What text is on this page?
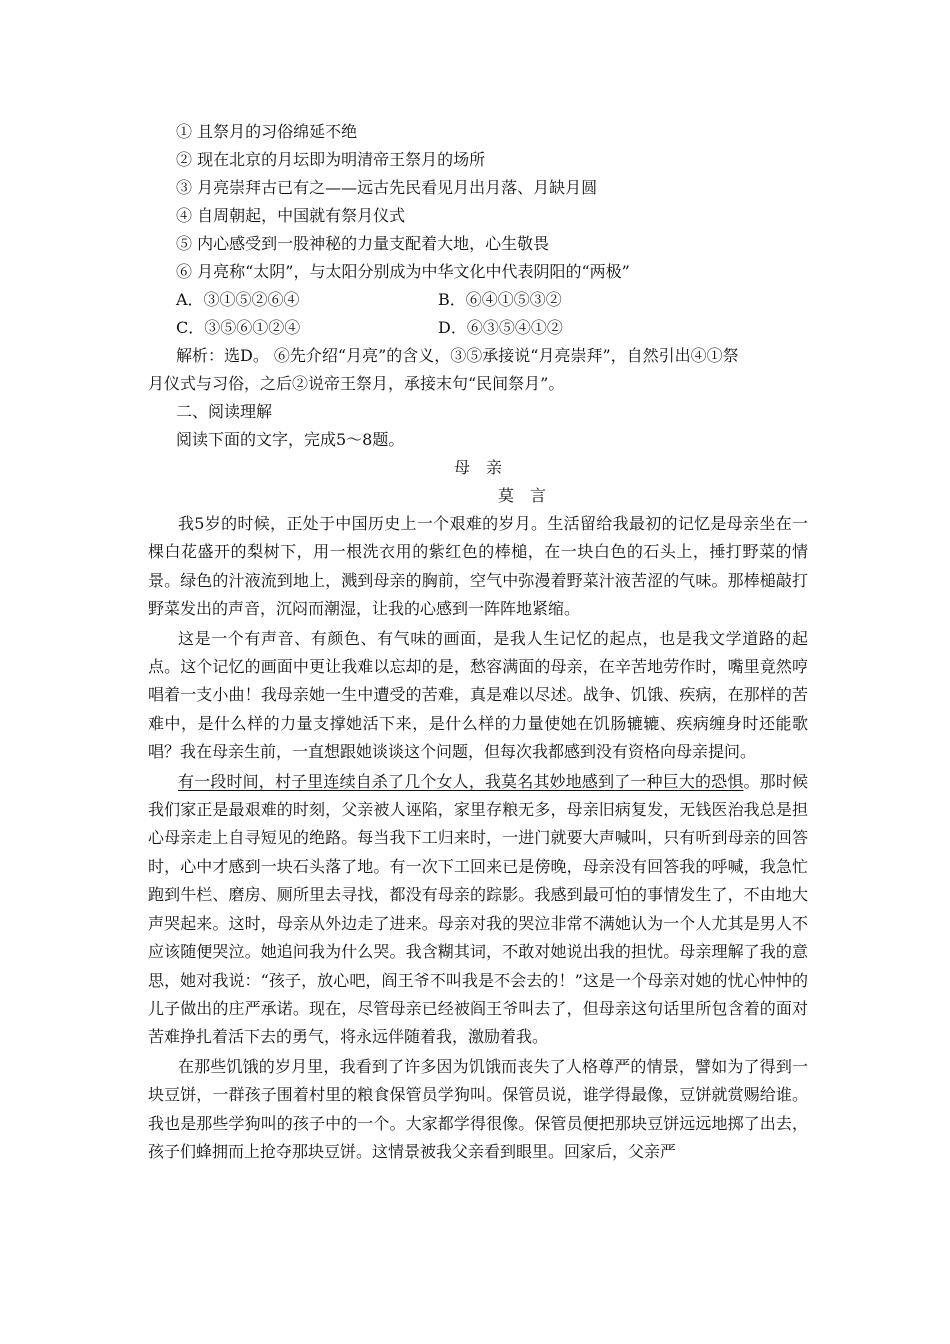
① 且祭月的习俗绵延不绝
② 现在北京的月坛即为明清帝王祭月的场所
③ 月亮崇拜古已有之——远古先民看见月出月落、月缺月圆
④ 自周朝起，中国就有祭月仪式
⑤ 内心感受到一股神秘的力量支配着大地，心生敬畏
⑥ 月亮称“太阴”，与太阳分别成为中华文化中代表阴阳的“两极”
A．③①⑤②⑥④	B．⑥④①⑤③②
C．③⑤⑥①②④	D．⑥③⑤④①②
解析：选D。 ⑥先介绍“月亮”的含义，③⑤承接说“月亮崇拜”，自然引出④①祭
月仪式与习俗，之后②说帝王祭月，承接末句“民间祭月”。
二、阅读理解
阅读下面的文字，完成5～8题。
母　亲
莫　言

我5岁的时候，正处于中国历史上一个艰难的岁月。生活留给我最初的记忆是母亲坐在一棵白花盛开的梨树下，用一根洗衣用的紫红色的棒槌，在一块白色的石头上，捶打野菜的情景。绿色的汁液流到地上，溅到母亲的胸前，空气中弥漫着野菜汁液苦涩的气味。那棒槌敲打野菜发出的声音，沉闷而潮湿，让我的心感到一阵阵地紧缩。

这是一个有声音、有颜色、有气味的画面，是我人生记忆的起点，也是我文学道路的起点。这个记忆的画面中更让我难以忘却的是，愁容满面的母亲，在辛苦地劳作时，嘴里竟然哼唱着一支小曲！我母亲她一生中遭受的苦难，真是难以尽述。战争、饥饿、疾病，在那样的苦难中，是什么样的力量支撑她活下来，是什么样的力量使她在饥肠辘辘、疾病缠身时还能歌唱？我在母亲生前，一直想跟她谈谈这个问题，但每次我都感到没有资格向母亲提问。

有一段时间，村子里连续自杀了几个女人，我莫名其妙地感到了一种巨大的恐惧。那时候我们家正是最艰难的时刻，父亲被人诬陷，家里存粮无多，母亲旧病复发，无钱医治我总是担心母亲走上自寻短见的绝路。每当我下工归来时，一进门就要大声喊叫，只有听到母亲的回答时，心中才感到一块石头落了地。有一次下工回来已是傍晚，母亲没有回答我的呼喊，我急忙跑到牛栏、磨房、厕所里去寻找，都没有母亲的踪影。我感到最可怕的事情发生了，不由地大声哭起来。这时，母亲从外边走了进来。母亲对我的哭泣非常不满她认为一个人尤其是男人不应该随便哭泣。她追问我为什么哭。我含糊其词，不敢对她说出我的担忧。母亲理解了我的意思，她对我说：“孩子，放心吧，阎王爷不叫我是不会去的！”这是一个母亲对她的忧心忡忡的儿子做出的庄严承诺。现在，尽管母亲已经被阎王爷叫去了，但母亲这句话里所包含着的面对苦难挣扎着活下去的勇气，将永远伴随着我，激励着我。

在那些饥饿的岁月里，我看到了许多因为饥饿而丧失了人格尊严的情景，譬如为了得到一块豆饼，一群孩子围着村里的粮食保管员学狗叫。保管员说，谁学得最像，豆饼就赏赐给谁。我也是那些学狗叫的孩子中的一个。大家都学得很像。保管员便把那块豆饼远远地掷了出去，孩子们蜂拥而上抢夺那块豆饼。这情景被我父亲看到眼里。回家后，父亲严
